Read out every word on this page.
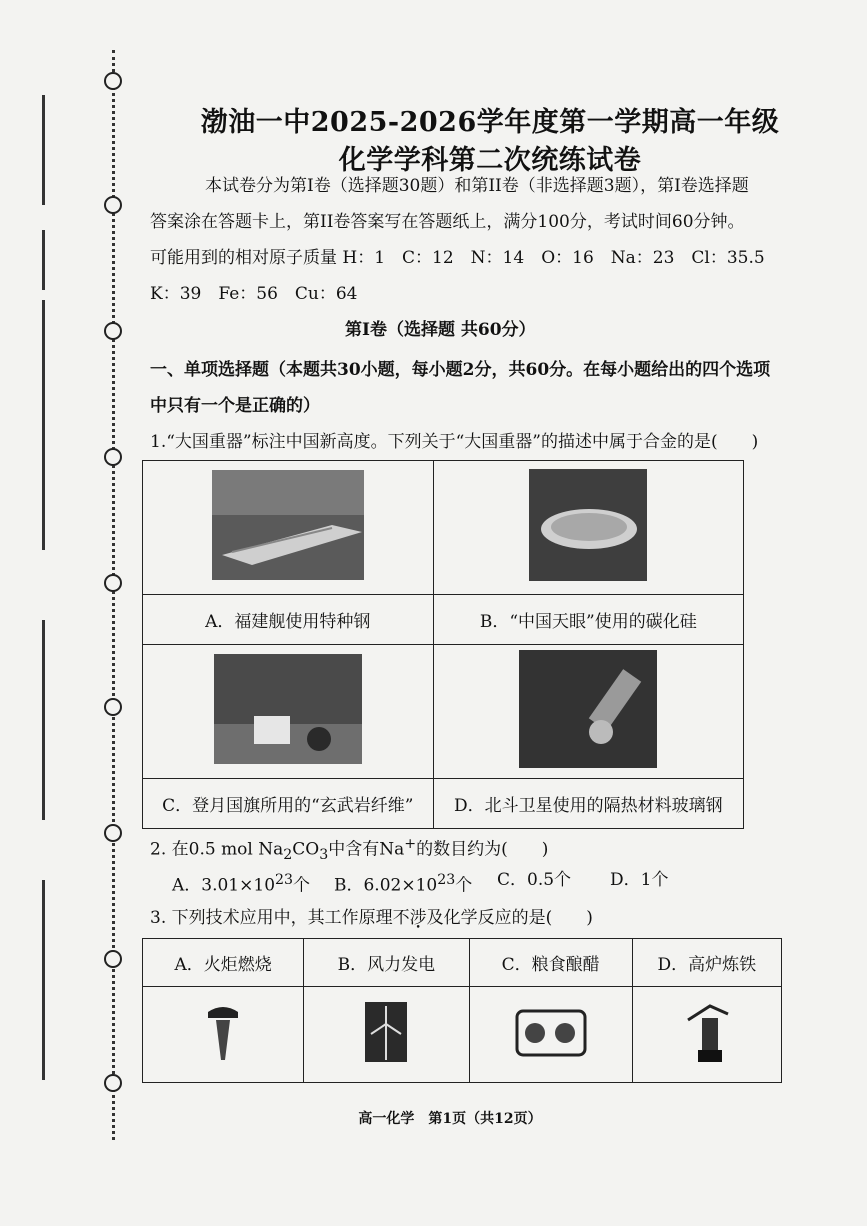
渤油一中2025-2026学年度第一学期高一年级
化学学科第二次统练试卷
本试卷分为第I卷（选择题30题）和第II卷（非选择题3题），第I卷选择题
答案涂在答题卡上，第II卷答案写在答题纸上，满分100分，考试时间60分钟。
可能用到的相对原子质量 H：1　C：12　N：14　O：16　Na：23　Cl：35.5
K：39　Fe：56　Cu：64
第I卷（选择题 共60分）
一、单项选择题（本题共30小题，每小题2分，共60分。在每小题给出的四个选项
中只有一个是正确的）
1.“大国重器”标注中国新高度。下列关于“大国重器”的描述中属于合金的是(　　)

A．福建舰使用特种钢	B．“中国天眼”使用的碳化硅

C．登月国旗所用的“玄武岩纤维”	D．北斗卫星使用的隔热材料玻璃钢
2. 在0.5 mol $Na_2CO_3$中含有Na+的数目约为(　　)
A．$3.01\times 10^{23}$个 B．$6.02\times 10^{23}$个 C．0.5个 D．1个
3. 下列技术应用中，其工作原理不涉及化学反应的是(　　)
A．火炬燃烧	B．风力发电	C．粮食酿醋	D．高炉炼铁

高一化学　第1页（共12页）
